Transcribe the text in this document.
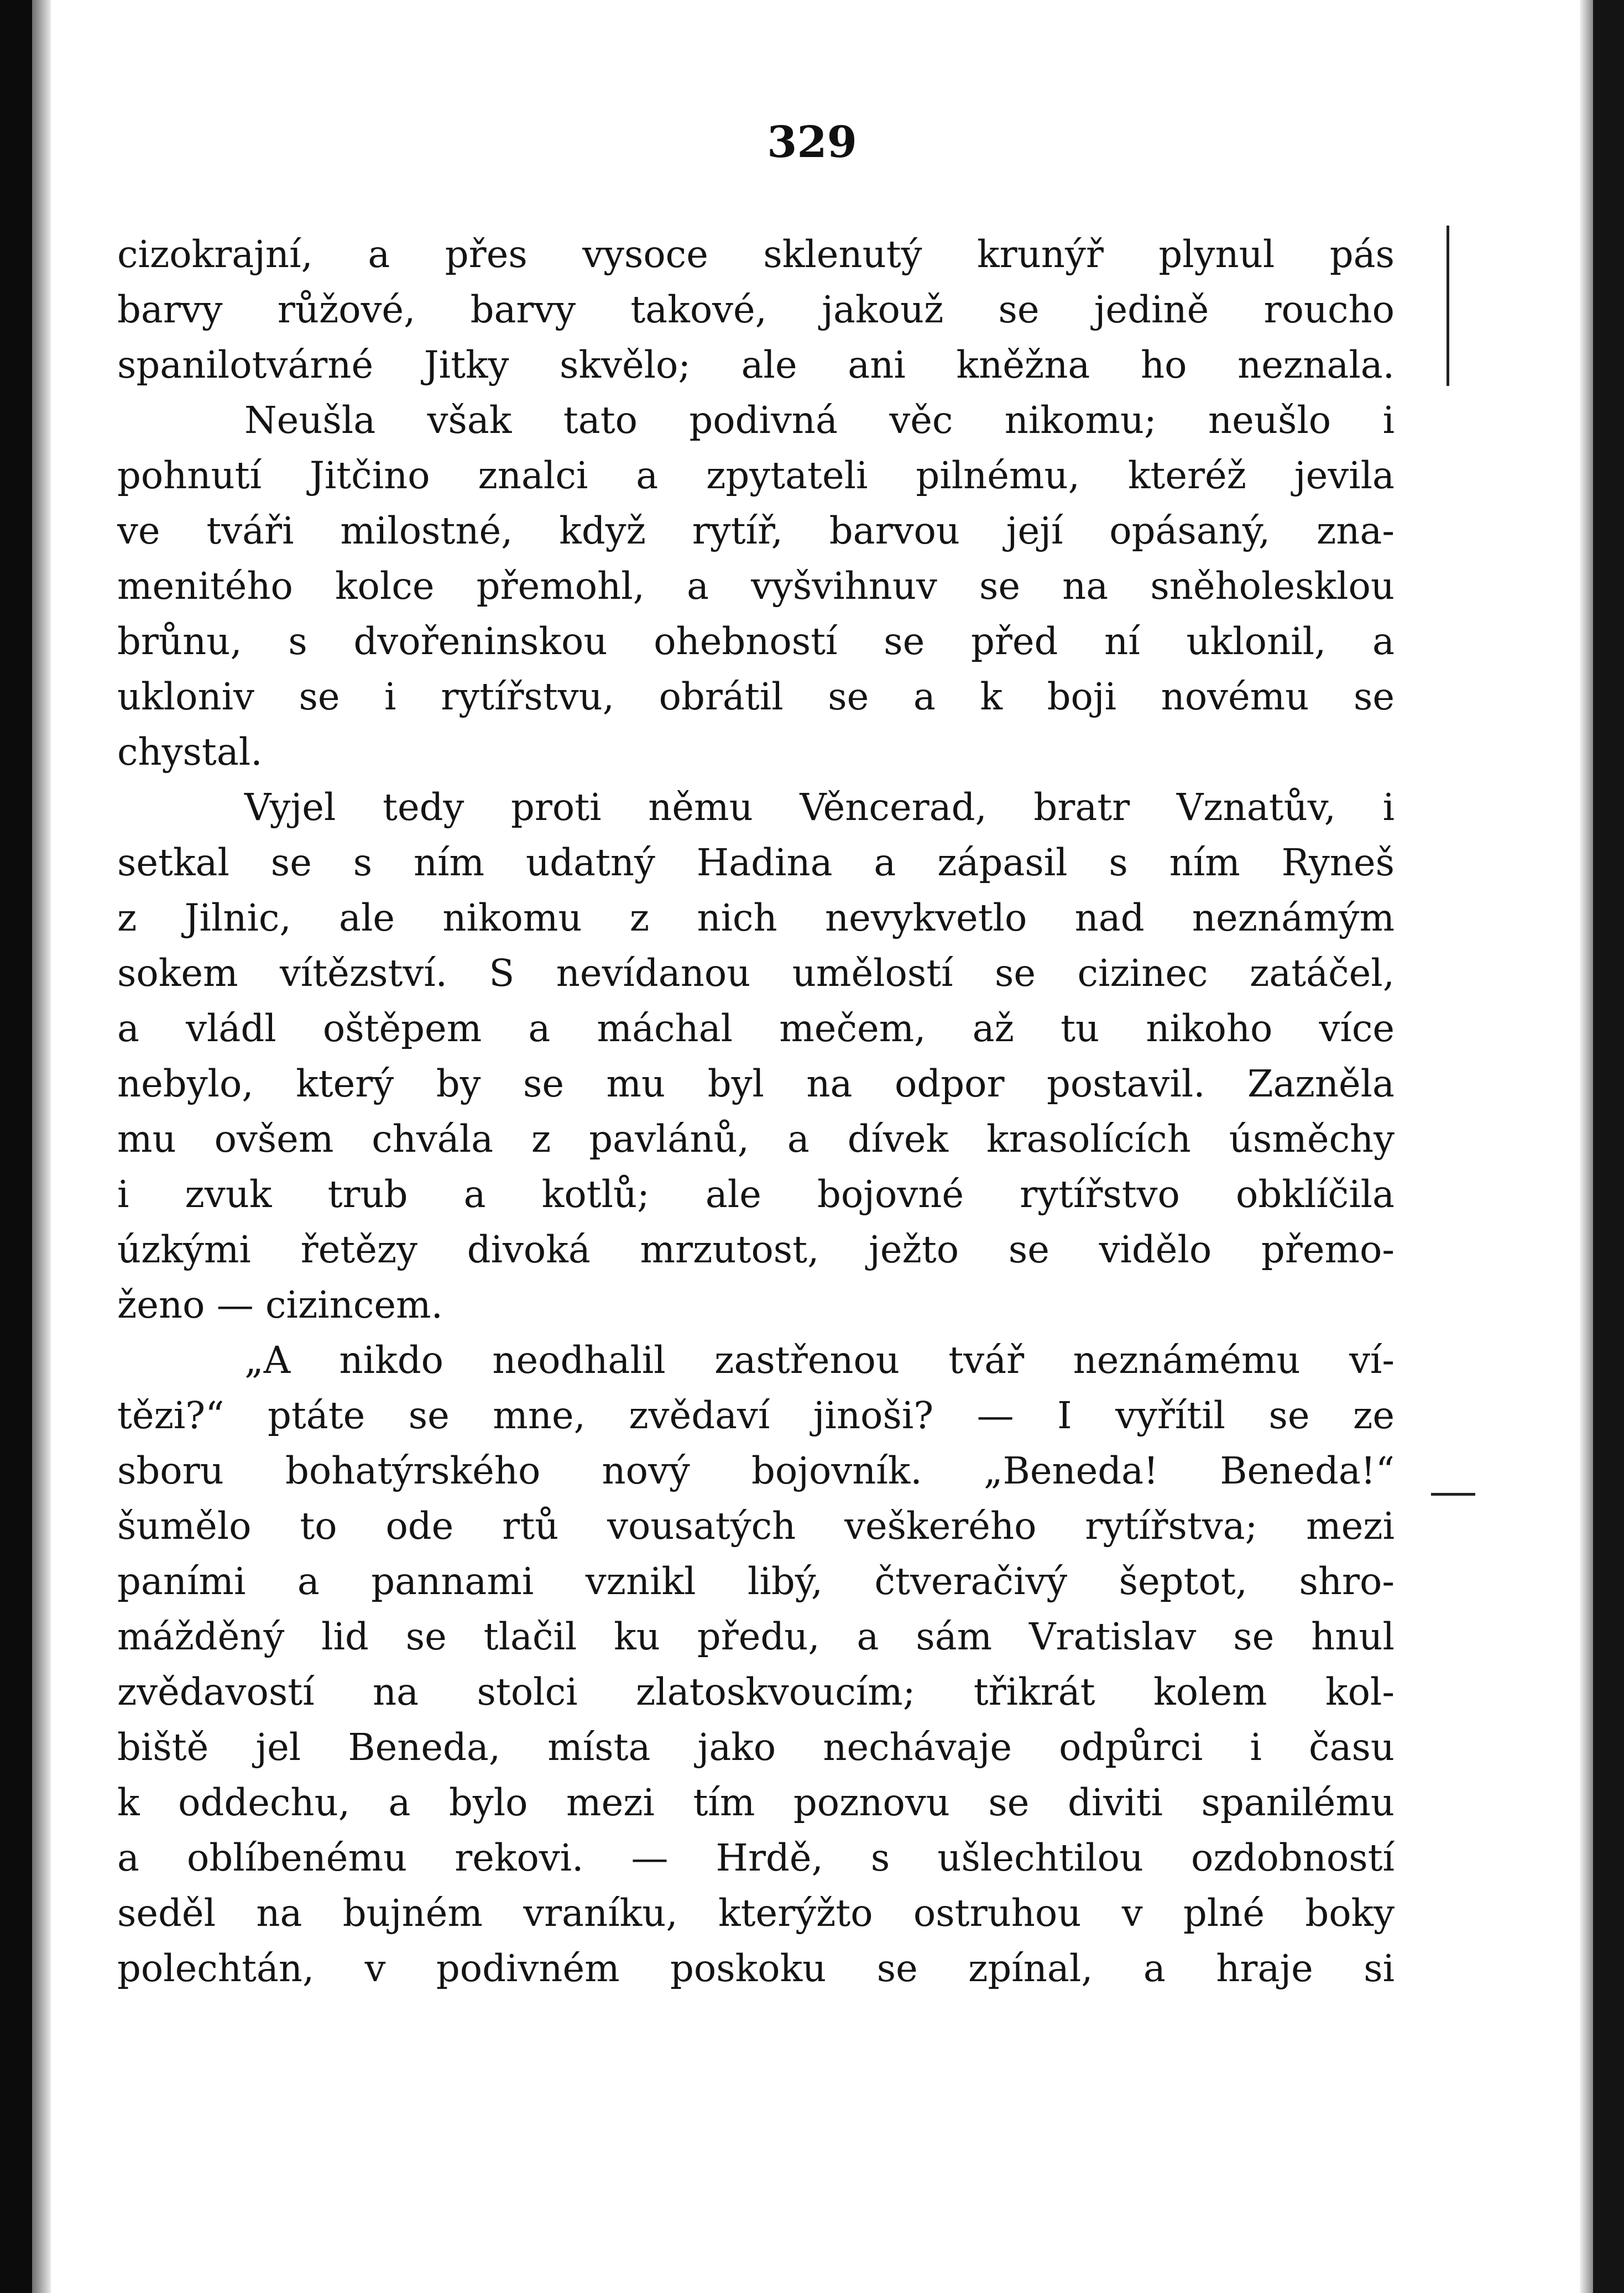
329
cizokrajní, a přes vysoce sklenutý krunýř plynul pás
barvy růžové, barvy takové, jakouž se jedině roucho
spanilotvárné Jitky skvělo; ale ani kněžna ho neznala.
Neušla však tato podivná věc nikomu; neušlo i
pohnutí Jitčino znalci a zpytateli pilnému, kteréž jevila
ve tváři milostné, když rytíř, barvou její opásaný, zna-
menitého kolce přemohl, a vyšvihnuv se na sněholesklou
brůnu, s dvořeninskou ohebností se před ní uklonil, a
ukloniv se i rytířstvu, obrátil se a k boji novému se
chystal.
Vyjel tedy proti němu Věncerad, bratr Vznatův, i
setkal se s ním udatný Hadina a zápasil s ním Ryneš
z Jilnic, ale nikomu z nich nevykvetlo nad neznámým
sokem vítězství. S nevídanou umělostí se cizinec zatáčel,
a vládl oštěpem a máchal mečem, až tu nikoho více
nebylo, který by se mu byl na odpor postavil. Zazněla
mu ovšem chvála z pavlánů, a dívek krasolících úsměchy
i zvuk trub a kotlů; ale bojovné rytířstvo obklíčila
úzkými řetězy divoká mrzutost, ježto se vidělo přemo-
ženo — cizincem.
„A nikdo neodhalil zastřenou tvář neznámému ví-
tězi?“ ptáte se mne, zvědaví jinoši? — I vyřítil se ze
sboru bohatýrského nový bojovník. „Beneda! Beneda!“
šumělo to ode rtů vousatých veškerého rytířstva; mezi
paními a pannami vznikl libý, čtveračivý šeptot, shro-
mážděný lid se tlačil ku předu, a sám Vratislav se hnul
zvědavostí na stolci zlatoskvoucím; třikrát kolem kol-
biště jel Beneda, místa jako nechávaje odpůrci i času
k oddechu, a bylo mezi tím poznovu se diviti spanilému
a oblíbenému rekovi. — Hrdě, s ušlechtilou ozdobností
seděl na bujném vraníku, kterýžto ostruhou v plné boky
polechtán, v podivném poskoku se zpínal, a hraje si
